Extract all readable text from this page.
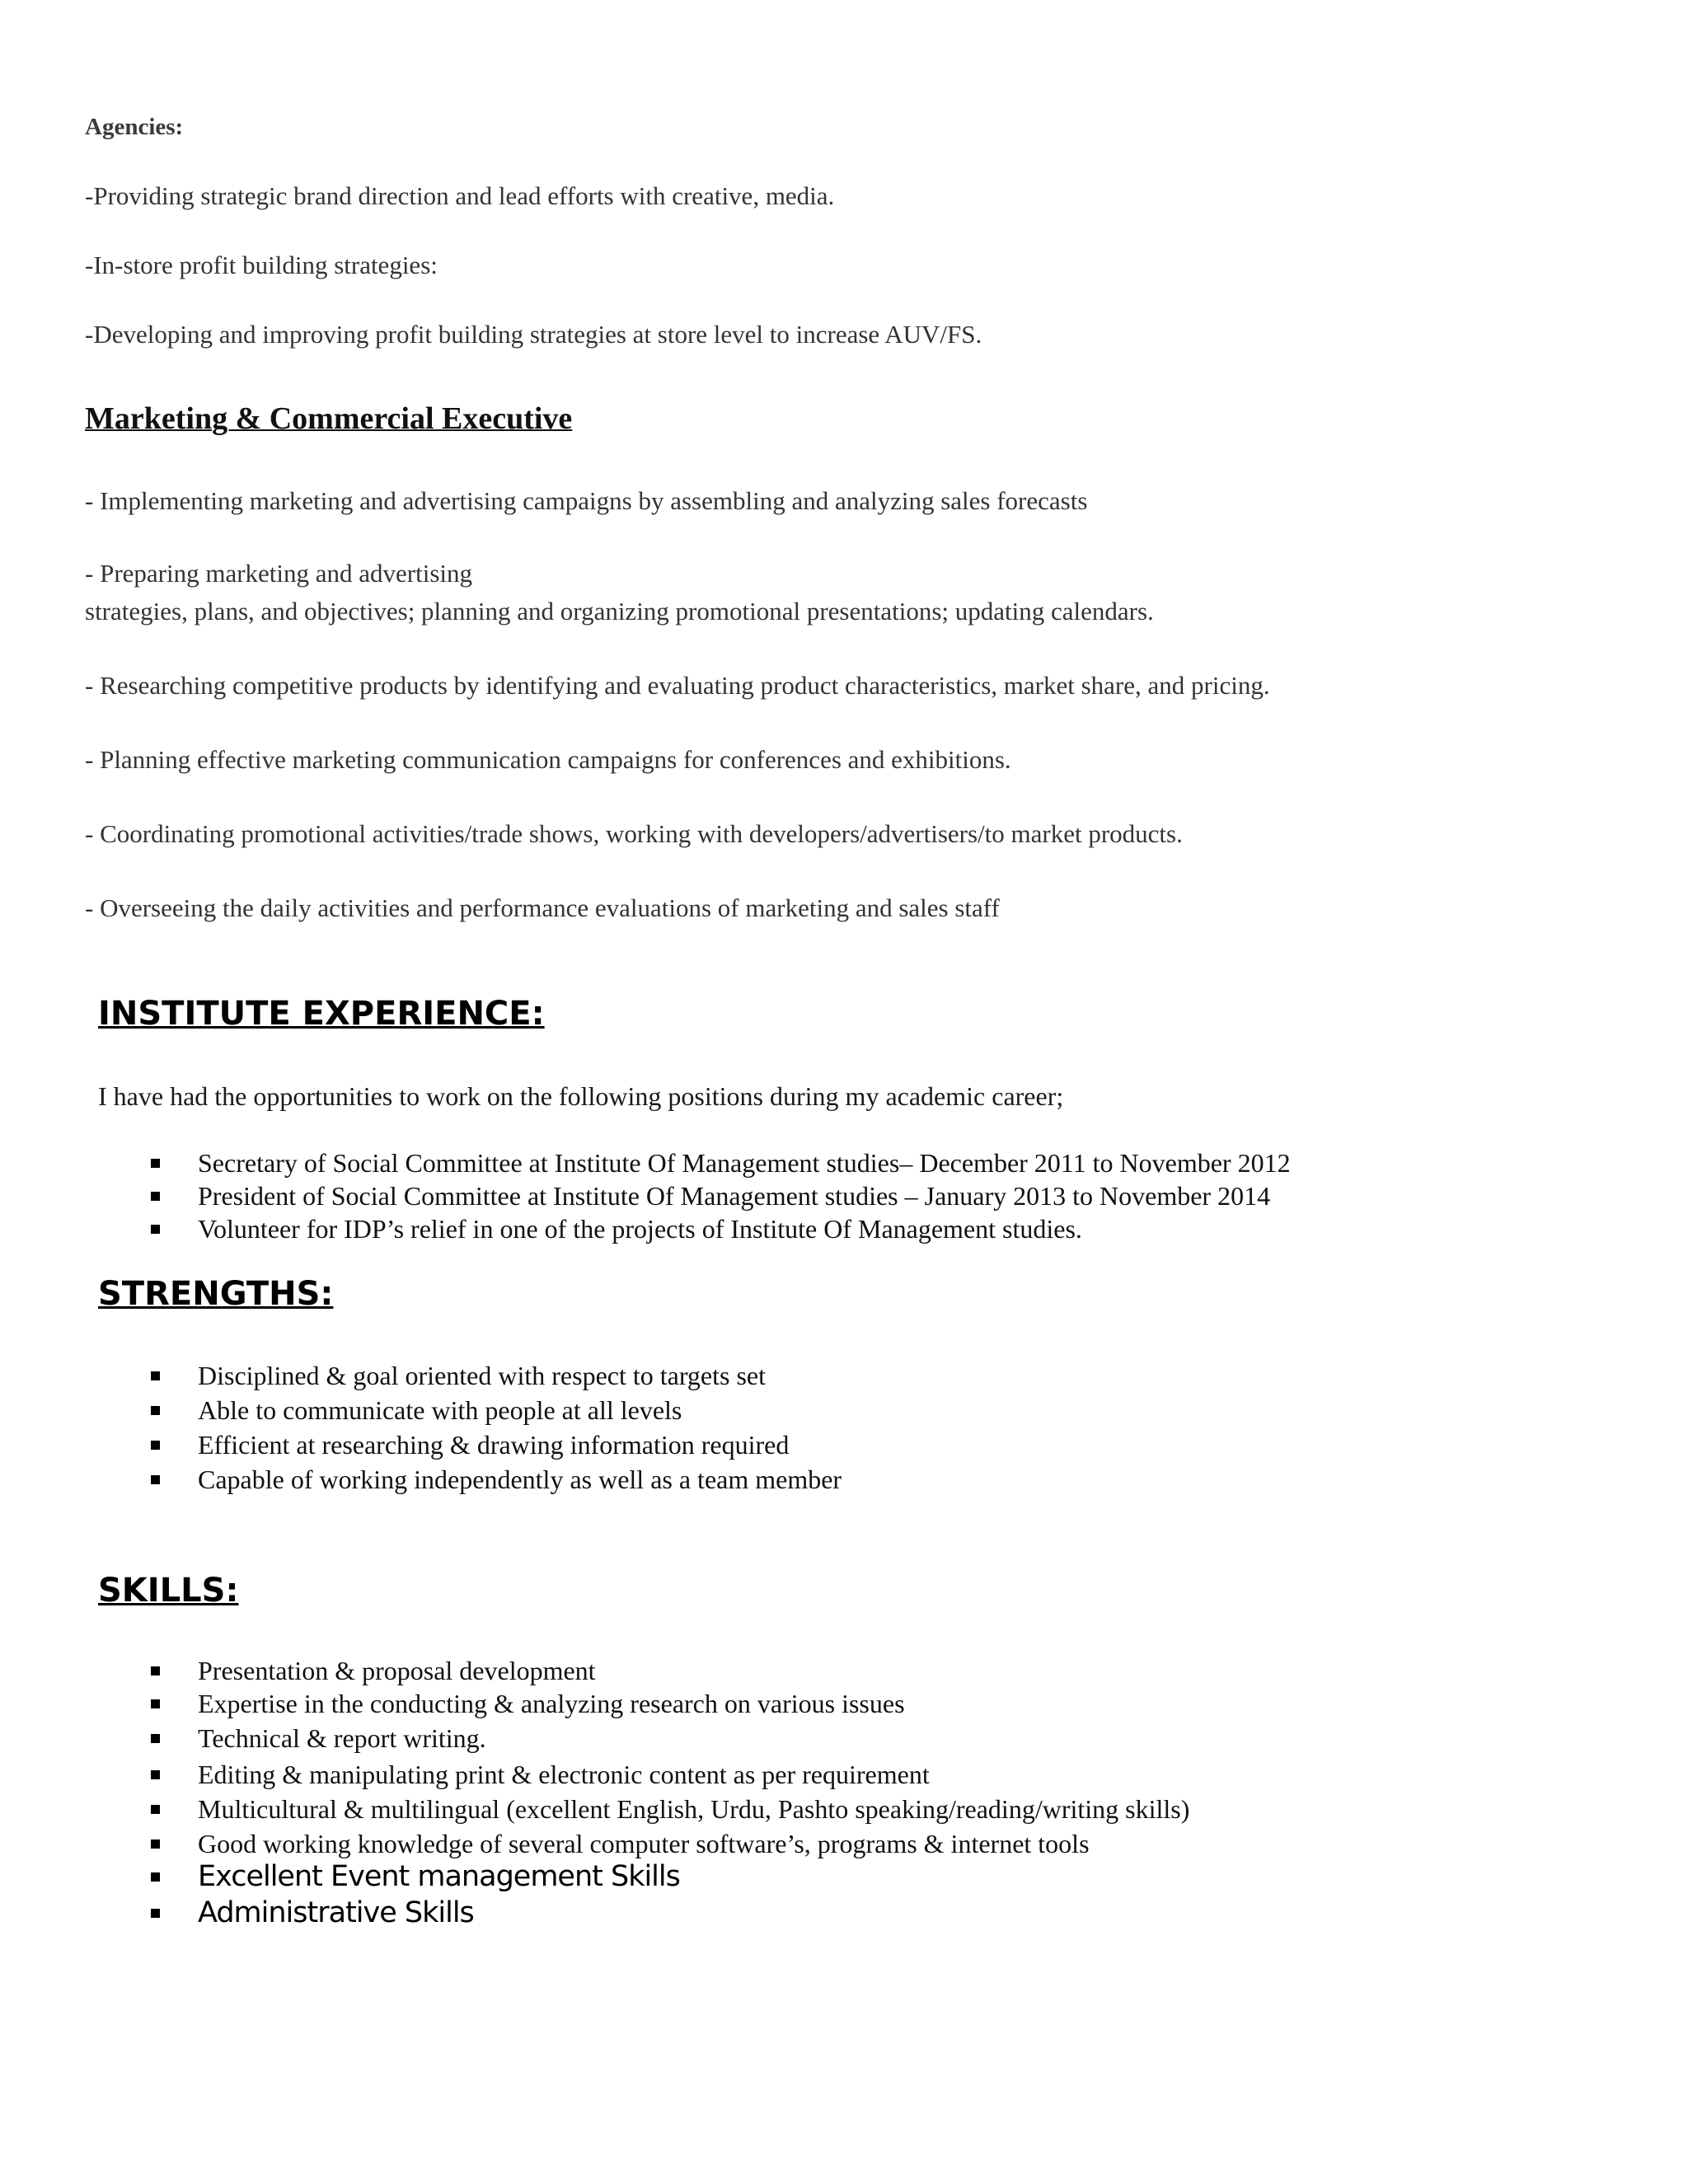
Agencies:
-Providing strategic brand direction and lead efforts with creative, media.
-In-store profit building strategies:
-Developing and improving profit building strategies at store level to increase AUV/FS.
Marketing & Commercial Executive
- Implementing marketing and advertising campaigns by assembling and analyzing sales forecasts
- Preparing marketing and advertising
strategies, plans, and objectives; planning and organizing promotional presentations; updating calendars.
- Researching competitive products by identifying and evaluating product characteristics, market share, and pricing.
- Planning effective marketing communication campaigns for conferences and exhibitions.
- Coordinating promotional activities/trade shows, working with developers/advertisers/to market products.
- Overseeing the daily activities and performance evaluations of marketing and sales staff
INSTITUTE EXPERIENCE:
I have had the opportunities to work on the following positions during my academic career;
Secretary of Social Committee at Institute Of Management studies– December 2011 to November 2012
President of Social Committee at Institute Of Management studies – January 2013 to November 2014
Volunteer for IDP’s relief in one of the projects of Institute Of Management studies.
STRENGTHS:
Disciplined & goal oriented with respect to targets set
Able to communicate with people at all levels
Efficient at researching & drawing information required
Capable of working independently as well as a team member
SKILLS:
Presentation & proposal development
Expertise in the conducting & analyzing research on various issues
Technical & report writing.
Editing & manipulating print & electronic content as per requirement
Multicultural & multilingual (excellent English, Urdu, Pashto speaking/reading/writing skills)
Good working knowledge of several computer software’s, programs & internet tools
Excellent Event management Skills
Administrative Skills
